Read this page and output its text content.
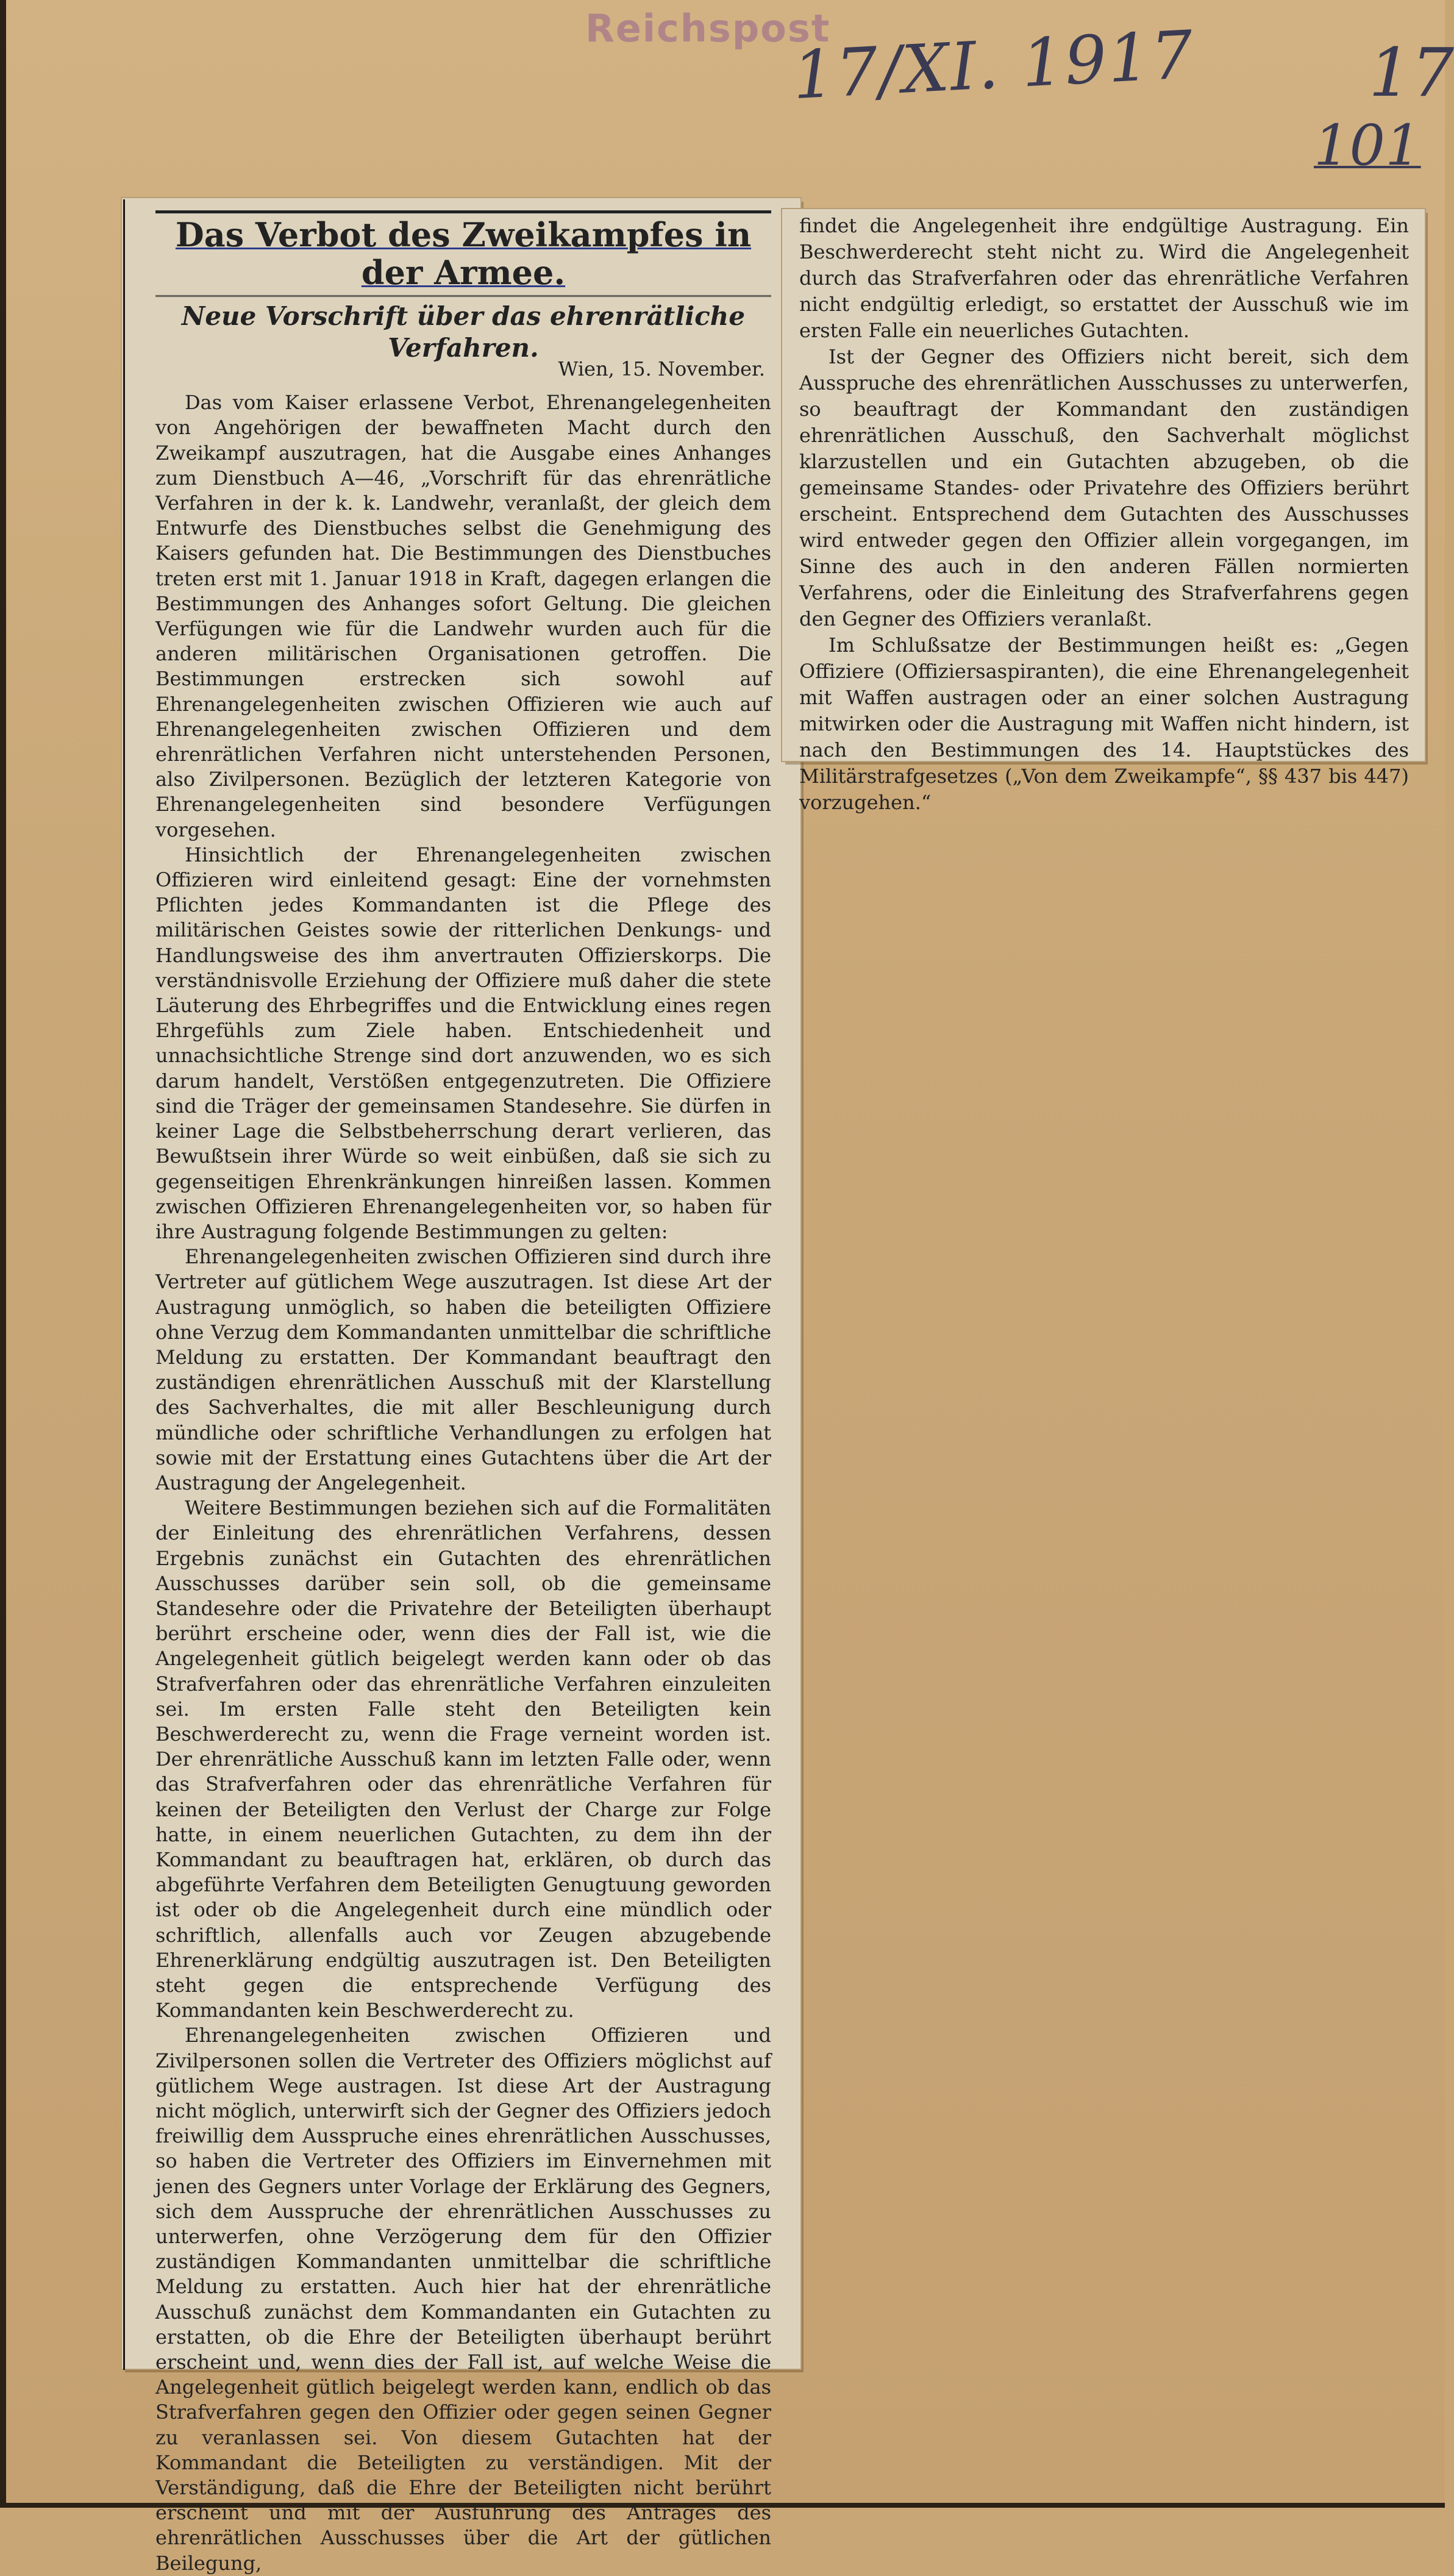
Reichspost
17/XI. 1917	17
101
Das Verbot des Zweikampfes in der Armee.
Neue Vorschrift über das ehrenrätliche Verfahren.
Wien, 15. November.

Das vom Kaiser erlassene Verbot, Ehrenangelegenheiten von Angehörigen der bewaffneten Macht durch den Zweikampf auszutragen, hat die Ausgabe eines Anhanges zum Dienstbuch A—46, „Vorschrift für das ehrenrätliche Verfahren in der k. k. Landwehr, veranlaßt, der gleich dem Entwurfe des Dienstbuches selbst die Genehmigung des Kaisers gefunden hat. Die Bestimmungen des Dienstbuches treten erst mit 1. Januar 1918 in Kraft, dagegen erlangen die Bestimmungen des Anhanges sofort Geltung. Die gleichen Verfügungen wie für die Landwehr wurden auch für die anderen militärischen Organisationen getroffen. Die Bestimmungen erstrecken sich sowohl auf Ehrenangelegenheiten zwischen Offizieren wie auch auf Ehrenangelegenheiten zwischen Offizieren und dem ehrenrätlichen Verfahren nicht unterstehenden Personen, also Zivilpersonen. Bezüglich der letzteren Kategorie von Ehrenangelegenheiten sind besondere Verfügungen vorgesehen.

Hinsichtlich der Ehrenangelegenheiten zwischen Offizieren wird einleitend gesagt: Eine der vornehmsten Pflichten jedes Kommandanten ist die Pflege des militärischen Geistes sowie der ritterlichen Denkungs- und Handlungsweise des ihm anvertrauten Offizierskorps. Die verständnisvolle Erziehung der Offiziere muß daher die stete Läuterung des Ehrbegriffes und die Entwicklung eines regen Ehrgefühls zum Ziele haben. Entschiedenheit und unnachsichtliche Strenge sind dort anzuwenden, wo es sich darum handelt, Verstößen entgegenzutreten. Die Offiziere sind die Träger der gemeinsamen Standesehre. Sie dürfen in keiner Lage die Selbstbeherrschung derart verlieren, das Bewußtsein ihrer Würde so weit einbüßen, daß sie sich zu gegenseitigen Ehrenkränkungen hinreißen lassen. Kommen zwischen Offizieren Ehrenangelegenheiten vor, so haben für ihre Austragung folgende Bestimmungen zu gelten:

Ehrenangelegenheiten zwischen Offizieren sind durch ihre Vertreter auf gütlichem Wege auszutragen. Ist diese Art der Austragung unmöglich, so haben die beteiligten Offiziere ohne Verzug dem Kommandanten unmittelbar die schriftliche Meldung zu erstatten. Der Kommandant beauftragt den zuständigen ehrenrätlichen Ausschuß mit der Klarstellung des Sachverhaltes, die mit aller Beschleunigung durch mündliche oder schriftliche Verhandlungen zu erfolgen hat sowie mit der Erstattung eines Gutachtens über die Art der Austragung der Angelegenheit.

Weitere Bestimmungen beziehen sich auf die Formalitäten der Einleitung des ehrenrätlichen Verfahrens, dessen Ergebnis zunächst ein Gutachten des ehrenrätlichen Ausschusses darüber sein soll, ob die gemeinsame Standesehre oder die Privatehre der Beteiligten überhaupt berührt erscheine oder, wenn dies der Fall ist, wie die Angelegenheit gütlich beigelegt werden kann oder ob das Strafverfahren oder das ehrenrätliche Verfahren einzuleiten sei. Im ersten Falle steht den Beteiligten kein Beschwerderecht zu, wenn die Frage verneint worden ist. Der ehrenrätliche Ausschuß kann im letzten Falle oder, wenn das Strafverfahren oder das ehrenrätliche Verfahren für keinen der Beteiligten den Verlust der Charge zur Folge hatte, in einem neuerlichen Gutachten, zu dem ihn der Kommandant zu beauftragen hat, erklären, ob durch das abgeführte Verfahren dem Beteiligten Genugtuung geworden ist oder ob die Angelegenheit durch eine mündlich oder schriftlich, allenfalls auch vor Zeugen abzugebende Ehrenerklärung endgültig auszutragen ist. Den Beteiligten steht gegen die entsprechende Verfügung des Kommandanten kein Beschwerderecht zu.

Ehrenangelegenheiten zwischen Offizieren und Zivilpersonen sollen die Vertreter des Offiziers möglichst auf gütlichem Wege austragen. Ist diese Art der Austragung nicht möglich, unterwirft sich der Gegner des Offiziers jedoch freiwillig dem Ausspruche eines ehrenrätlichen Ausschusses, so haben die Vertreter des Offiziers im Einvernehmen mit jenen des Gegners unter Vorlage der Erklärung des Gegners, sich dem Ausspruche der ehrenrätlichen Ausschusses zu unterwerfen, ohne Verzögerung dem für den Offizier zuständigen Kommandanten unmittelbar die schriftliche Meldung zu erstatten. Auch hier hat der ehrenrätliche Ausschuß zunächst dem Kommandanten ein Gutachten zu erstatten, ob die Ehre der Beteiligten überhaupt berührt erscheint und, wenn dies der Fall ist, auf welche Weise die Angelegenheit gütlich beigelegt werden kann, endlich ob das Strafverfahren gegen den Offizier oder gegen seinen Gegner zu veranlassen sei. Von diesem Gutachten hat der Kommandant die Beteiligten zu verständigen. Mit der Verständigung, daß die Ehre der Beteiligten nicht berührt erscheint und mit der Ausführung des Antrages des ehrenrätlichen Ausschusses über die Art der gütlichen Beilegung,

findet die Angelegenheit ihre endgültige Austragung. Ein Beschwerderecht steht nicht zu. Wird die Angelegenheit durch das Strafverfahren oder das ehrenrätliche Verfahren nicht endgültig erledigt, so erstattet der Ausschuß wie im ersten Falle ein neuerliches Gutachten.

Ist der Gegner des Offiziers nicht bereit, sich dem Ausspruche des ehrenrätlichen Ausschusses zu unterwerfen, so beauftragt der Kommandant den zuständigen ehrenrätlichen Ausschuß, den Sachverhalt möglichst klarzustellen und ein Gutachten abzugeben, ob die gemeinsame Standes- oder Privatehre des Offiziers berührt erscheint. Entsprechend dem Gutachten des Ausschusses wird entweder gegen den Offizier allein vorgegangen, im Sinne des auch in den anderen Fällen normierten Verfahrens, oder die Einleitung des Strafverfahrens gegen den Gegner des Offiziers veranlaßt.

Im Schlußsatze der Bestimmungen heißt es: „Gegen Offiziere (Offiziersaspiranten), die eine Ehrenangelegenheit mit Waffen austragen oder an einer solchen Austragung mitwirken oder die Austragung mit Waffen nicht hindern, ist nach den Bestimmungen des 14. Hauptstückes des Militärstrafgesetzes („Von dem Zweikampfe“, §§ 437 bis 447) vorzugehen.“
